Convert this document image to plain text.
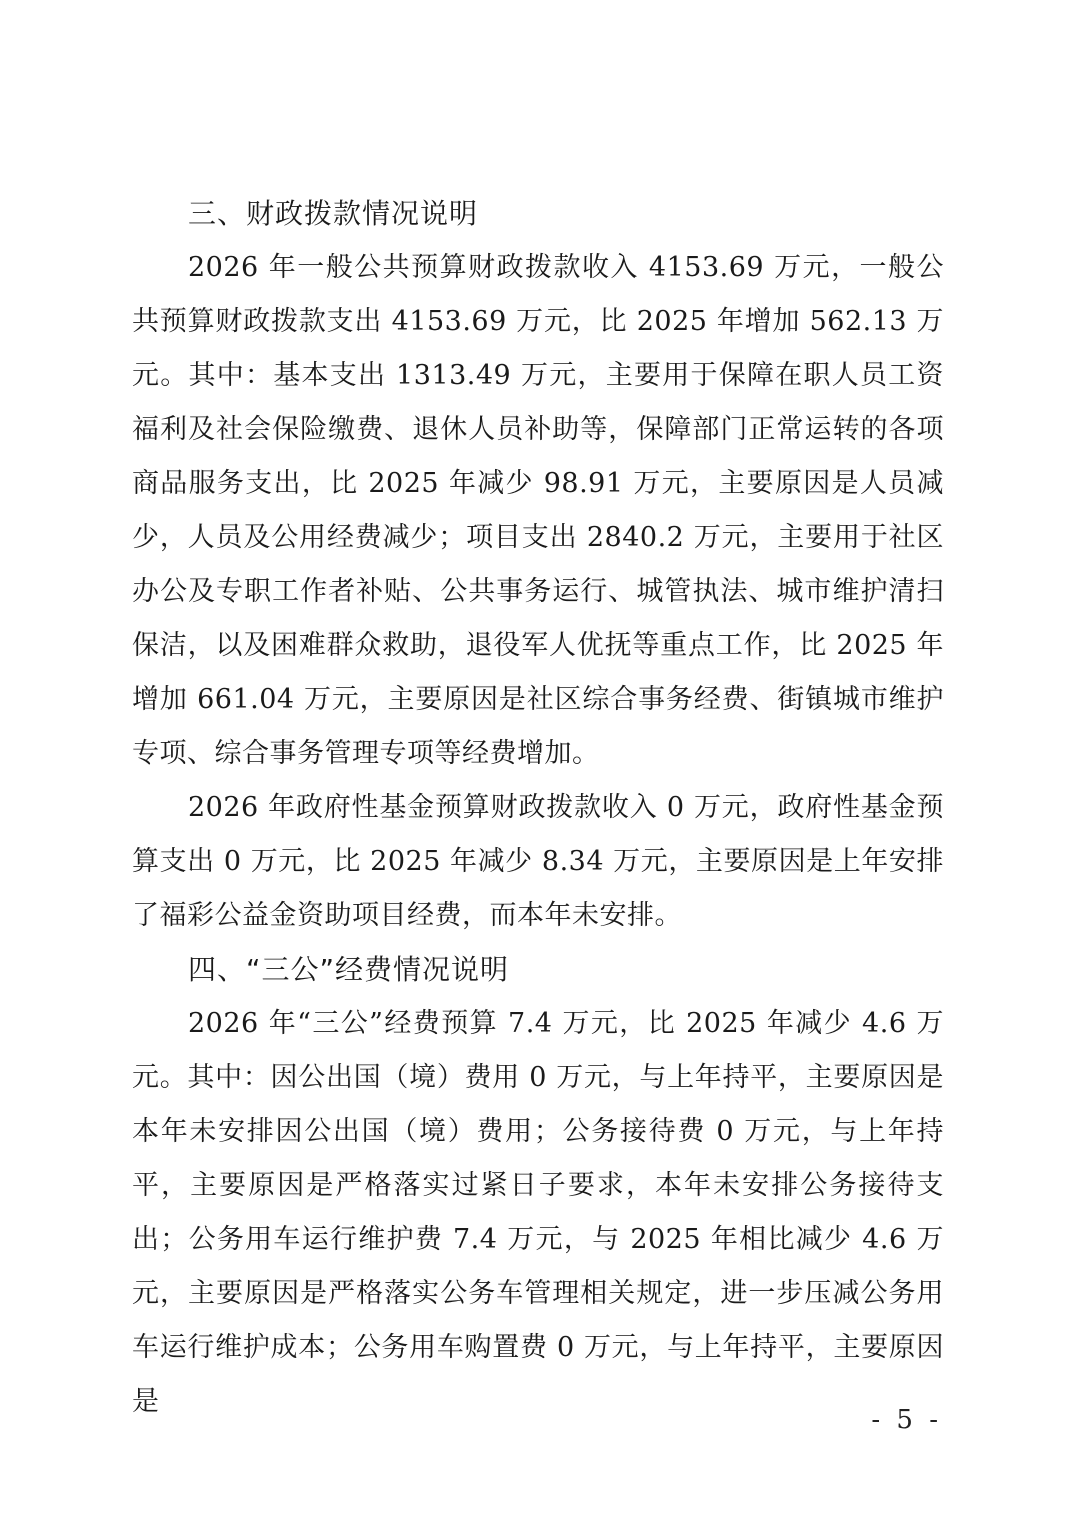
三、财政拨款情况说明

2026 年一般公共预算财政拨款收入 4153.69 万元，一般公共预算财政拨款支出 4153.69 万元，比 2025 年增加 562.13 万元。其中：基本支出 1313.49 万元，主要用于保障在职人员工资福利及社会保险缴费、退休人员补助等，保障部门正常运转的各项商品服务支出，比 2025 年减少 98.91 万元，主要原因是人员减少，人员及公用经费减少；项目支出 2840.2 万元，主要用于社区办公及专职工作者补贴、公共事务运行、城管执法、城市维护清扫保洁，以及困难群众救助，退役军人优抚等重点工作，比 2025 年增加 661.04 万元，主要原因是社区综合事务经费、街镇城市维护专项、综合事务管理专项等经费增加。

2026 年政府性基金预算财政拨款收入 0 万元，政府性基金预算支出 0 万元，比 2025 年减少 8.34 万元，主要原因是上年安排了福彩公益金资助项目经费，而本年未安排。

四、“三公”经费情况说明

2026 年“三公”经费预算 7.4 万元，比 2025 年减少 4.6 万元。其中：因公出国（境）费用 0 万元，与上年持平，主要原因是本年未安排因公出国（境）费用；公务接待费 0 万元，与上年持平，主要原因是严格落实过紧日子要求，本年未安排公务接待支出；公务用车运行维护费 7.4 万元，与 2025 年相比减少 4.6 万元，主要原因是严格落实公务车管理相关规定，进一步压减公务用车运行维护成本；公务用车购置费 0 万元，与上年持平，主要原因是

- 5 -
